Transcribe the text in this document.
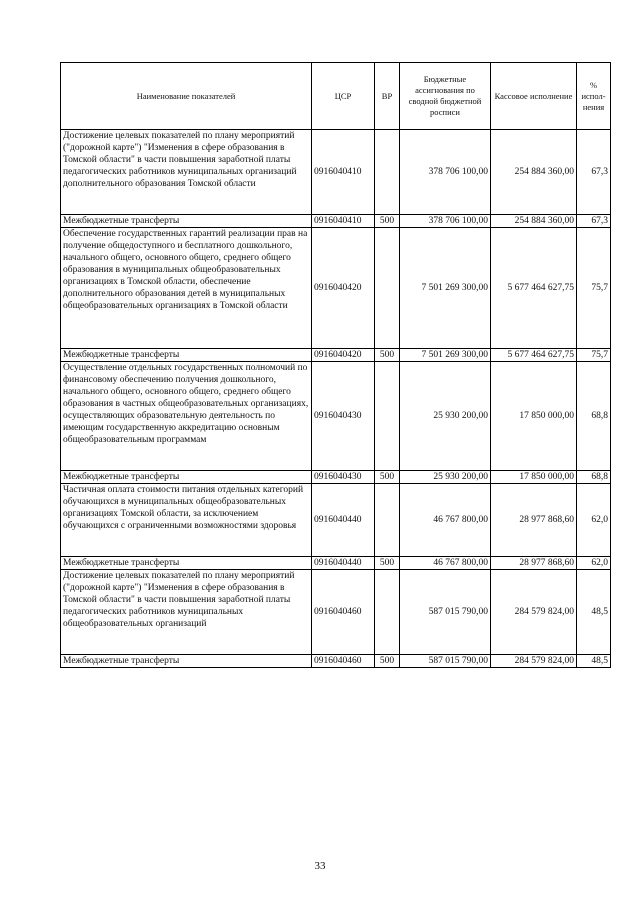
Наименование показателей	ЦСР	ВР	Бюджетные ассигнования по сводной бюджетной росписи	Кассовое исполнение	% испол-нения
Достижение целевых показателей по плану мероприятий ("дорожной карте") "Изменения в сфере образования в Томской области" в части повышения заработной платы педагогических работников муниципальных организаций дополнительного образования Томской области	0916040410		378 706 100,00	254 884 360,00	67,3
Межбюджетные трансферты	0916040410	500	378 706 100,00	254 884 360,00	67,3
Обеспечение государственных гарантий реализации прав на получение общедоступного и бесплатного дошкольного, начального общего, основного общего, среднего общего образования в муниципальных общеобразовательных организациях в Томской области, обеспечение дополнительного образования детей в муниципальных общеобразовательных организациях в Томской области	0916040420		7 501 269 300,00	5 677 464 627,75	75,7
Межбюджетные трансферты	0916040420	500	7 501 269 300,00	5 677 464 627,75	75,7
Осуществление отдельных государственных полномочий по финансовому обеспечению получения дошкольного, начального общего, основного общего, среднего общего образования в частных общеобразовательных организациях, осуществляющих образовательную деятельность по имеющим государственную аккредитацию основным общеобразовательным программам	0916040430		25 930 200,00	17 850 000,00	68,8
Межбюджетные трансферты	0916040430	500	25 930 200,00	17 850 000,00	68,8
Частичная оплата стоимости питания отдельных категорий обучающихся в муниципальных общеобразовательных организациях Томской области, за исключением обучающихся с ограниченными возможностями здоровья	0916040440		46 767 800,00	28 977 868,60	62,0
Межбюджетные трансферты	0916040440	500	46 767 800,00	28 977 868,60	62,0
Достижение целевых показателей по плану мероприятий ("дорожной карте") "Изменения в сфере образования в Томской области" в части повышения заработной платы педагогических работников муниципальных общеобразовательных организаций	0916040460		587 015 790,00	284 579 824,00	48,5
Межбюджетные трансферты	0916040460	500	587 015 790,00	284 579 824,00	48,5
33
